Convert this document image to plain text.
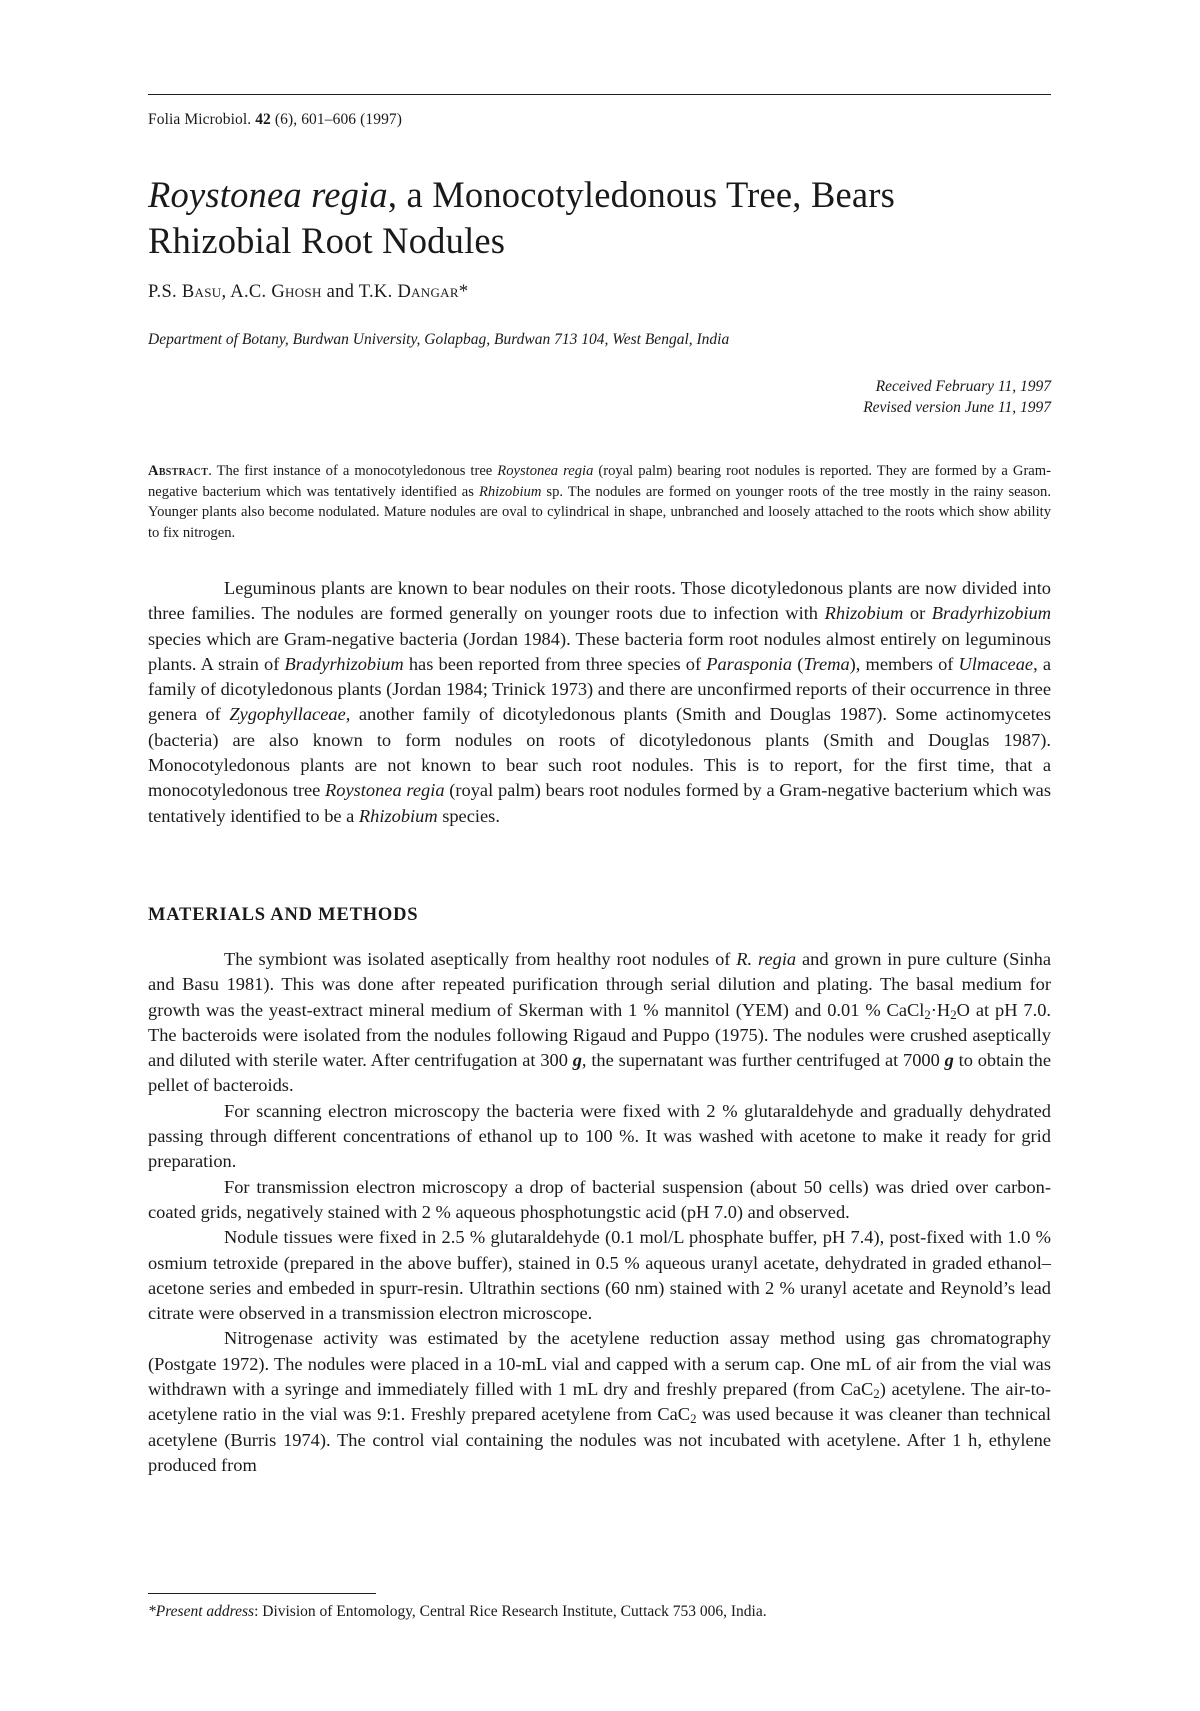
Folia Microbiol. 42 (6), 601–606 (1997)
Roystonea regia, a Monocotyledonous Tree, Bears
Rhizobial Root Nodules
P.S. Basu, A.C. Ghosh and T.K. Dangar*
Department of Botany, Burdwan University, Golapbag, Burdwan 713 104, West Bengal, India
Received February 11, 1997
Revised version June 11, 1997
Abstract. The first instance of a monocotyledonous tree Roystonea regia (royal palm) bearing root nodules is reported. They are formed by a Gram-negative bacterium which was tentatively identified as Rhizobium sp. The nodules are formed on younger roots of the tree mostly in the rainy season. Younger plants also become nodulated. Mature nodules are oval to cylindrical in shape, unbranched and loosely attached to the roots which show ability to fix nitrogen.

Leguminous plants are known to bear nodules on their roots. Those dicotyledonous plants are now divided into three families. The nodules are formed generally on younger roots due to infection with Rhizobium or Bradyrhizobium species which are Gram-negative bacteria (Jordan 1984). These bacteria form root nodules almost entirely on leguminous plants. A strain of Bradyrhizobium has been reported from three species of Parasponia (Trema), members of Ulmaceae, a family of dicotyledonous plants (Jordan 1984; Trinick 1973) and there are unconfirmed reports of their occurrence in three genera of Zygophyllaceae, another family of dicotyledonous plants (Smith and Douglas 1987). Some actinomycetes (bacteria) are also known to form nodules on roots of dicotyledonous plants (Smith and Douglas 1987). Monocotyledonous plants are not known to bear such root nodules. This is to report, for the first time, that a monocotyledonous tree Roystonea regia (royal palm) bears root nodules formed by a Gram-negative bacterium which was tentatively identified to be a Rhizobium species.

MATERIALS AND METHODS

The symbiont was isolated aseptically from healthy root nodules of R. regia and grown in pure culture (Sinha and Basu 1981). This was done after repeated purification through serial dilution and plating. The basal medium for growth was the yeast-extract mineral medium of Skerman with 1 % mannitol (YEM) and 0.01 % $CaCl_2\cdot H_2O$ at pH 7.0. The bacteroids were isolated from the nodules following Rigaud and Puppo (1975). The nodules were crushed aseptically and diluted with sterile water. After centrifugation at 300 g, the supernatant was further centrifuged at 7000 g to obtain the pellet of bacteroids.

For scanning electron microscopy the bacteria were fixed with 2 % glutaraldehyde and gradually dehydrated passing through different concentrations of ethanol up to 100 %. It was washed with acetone to make it ready for grid preparation.

For transmission electron microscopy a drop of bacterial suspension (about 50 cells) was dried over carbon-coated grids, negatively stained with 2 % aqueous phosphotungstic acid (pH 7.0) and observed.

Nodule tissues were fixed in 2.5 % glutaraldehyde (0.1 mol/L phosphate buffer, pH 7.4), post-fixed with 1.0 % osmium tetroxide (prepared in the above buffer), stained in 0.5 % aqueous uranyl acetate, dehydrated in graded ethanol–acetone series and embeded in spurr-resin. Ultrathin sections (60 nm) stained with 2 % uranyl acetate and Reynold’s lead citrate were observed in a transmission electron microscope.

Nitrogenase activity was estimated by the acetylene reduction assay method using gas chromatography (Postgate 1972). The nodules were placed in a 10-mL vial and capped with a serum cap. One mL of air from the vial was withdrawn with a syringe and immediately filled with 1 mL dry and freshly prepared (from CaC$_2$) acetylene. The air-to-acetylene ratio in the vial was 9:1. Freshly prepared acetylene from CaC$_2$ was used because it was cleaner than technical acetylene (Burris 1974). The control vial containing the nodules was not incubated with acetylene. After 1 h, ethylene produced from

*Present address: Division of Entomology, Central Rice Research Institute, Cuttack 753 006, India.
